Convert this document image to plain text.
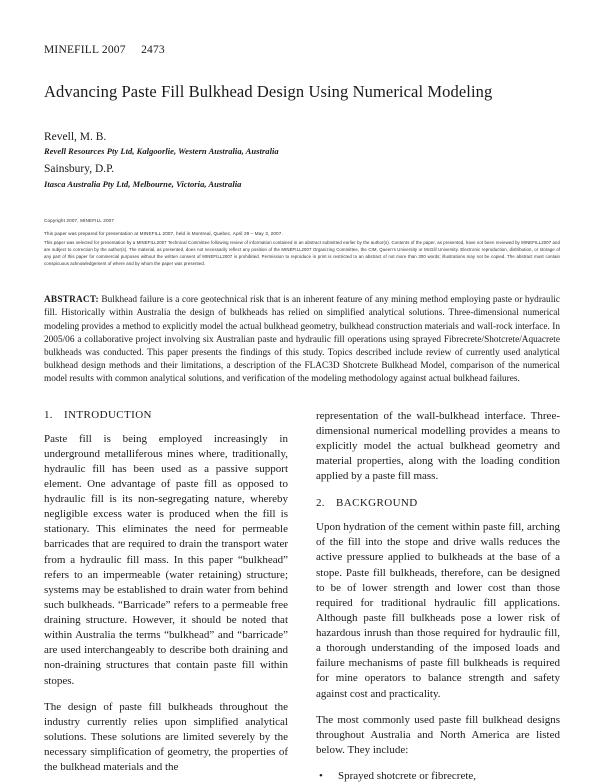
MINEFILL 2007     2473
Advancing Paste Fill Bulkhead Design Using Numerical Modeling
Revell, M. B.
Revell Resources Pty Ltd, Kalgoorlie, Western Australia, Australia
Sainsbury, D.P.
Itasca Australia Pty Ltd, Melbourne, Victoria, Australia

Copyright 2007, MINEFILL 2007

This paper was prepared for presentation at MINEFILL 2007, held in Montreal, Quebec, April 29 – May 3, 2007.

This paper was selected for presentation by a MINEFILL2007 Technical Committee following review of information contained in an abstract submitted earlier by the author(s). Contents of the paper, as presented, have not been reviewed by MINEFILL2007 and are subject to correction by the author(s). The material, as presented, does not necessarily reflect any position of the MINEFILL2007 Organizing Committee, the CIM, Queen's University or McGill University. Electronic reproduction, distribution, or storage of any part of this paper for commercial purposes without the written consent of MINEFILL2007 is prohibited. Permission to reproduce in print is restricted to an abstract of not more than 300 words; illustrations may not be copied. The abstract must contain conspicuous acknowledgement of where and by whom the paper was presented.

ABSTRACT: Bulkhead failure is a core geotechnical risk that is an inherent feature of any mining method employing paste or hydraulic fill. Historically within Australia the design of bulkheads has relied on simplified analytical solutions. Three-dimensional numerical modeling provides a method to explicitly model the actual bulkhead geometry, bulkhead construction materials and wall-rock interface. In 2005/06 a collaborative project involving six Australian paste and hydraulic fill operations using sprayed Fibrecrete/Shotcrete/Aquacrete bulkheads was conducted. This paper presents the findings of this study. Topics described include review of currently used analytical bulkhead design methods and their limitations, a description of the FLAC3D Shotcrete Bulkhead Model, comparison of the numerical model results with common analytical solutions, and verification of the modeling methodology against actual bulkhead failures.
1.	INTRODUCTION

Paste fill is being employed increasingly in underground metalliferous mines where, traditionally, hydraulic fill has been used as a passive support element. One advantage of paste fill as opposed to hydraulic fill is its non-segregating nature, whereby negligible excess water is produced when the fill is stationary. This eliminates the need for permeable barricades that are required to drain the transport water from a hydraulic fill mass. In this paper “bulkhead” refers to an impermeable (water retaining) structure; systems may be established to drain water from behind such bulkheads. “Barricade” refers to a permeable free draining structure. However, it should be noted that within Australia the terms “bulkhead” and “barricade” are used interchangeably to describe both draining and non-draining structures that contain paste fill within stopes.

The design of paste fill bulkheads throughout the industry currently relies upon simplified analytical solutions. These solutions are limited severely by the necessary simplification of geometry, the properties of the bulkhead materials and the

representation of the wall-bulkhead interface. Three-dimensional numerical modelling provides a means to explicitly model the actual bulkhead geometry and material properties, along with the loading condition applied by a paste fill mass.

2.	BACKGROUND

Upon hydration of the cement within paste fill, arching of the fill into the stope and drive walls reduces the active pressure applied to bulkheads at the base of a stope. Paste fill bulkheads, therefore, can be designed to be of lower strength and lower cost than those required for traditional hydraulic fill applications. Although paste fill bulkheads pose a lower risk of hazardous inrush than those required for hydraulic fill, a thorough understanding of the imposed loads and failure mechanisms of paste fill bulkheads is required for mine operators to balance strength and safety against cost and practicality.

The most commonly used paste fill bulkhead designs throughout Australia and North America are listed below. They include:

•	Sprayed shotcrete or fibrecrete,
